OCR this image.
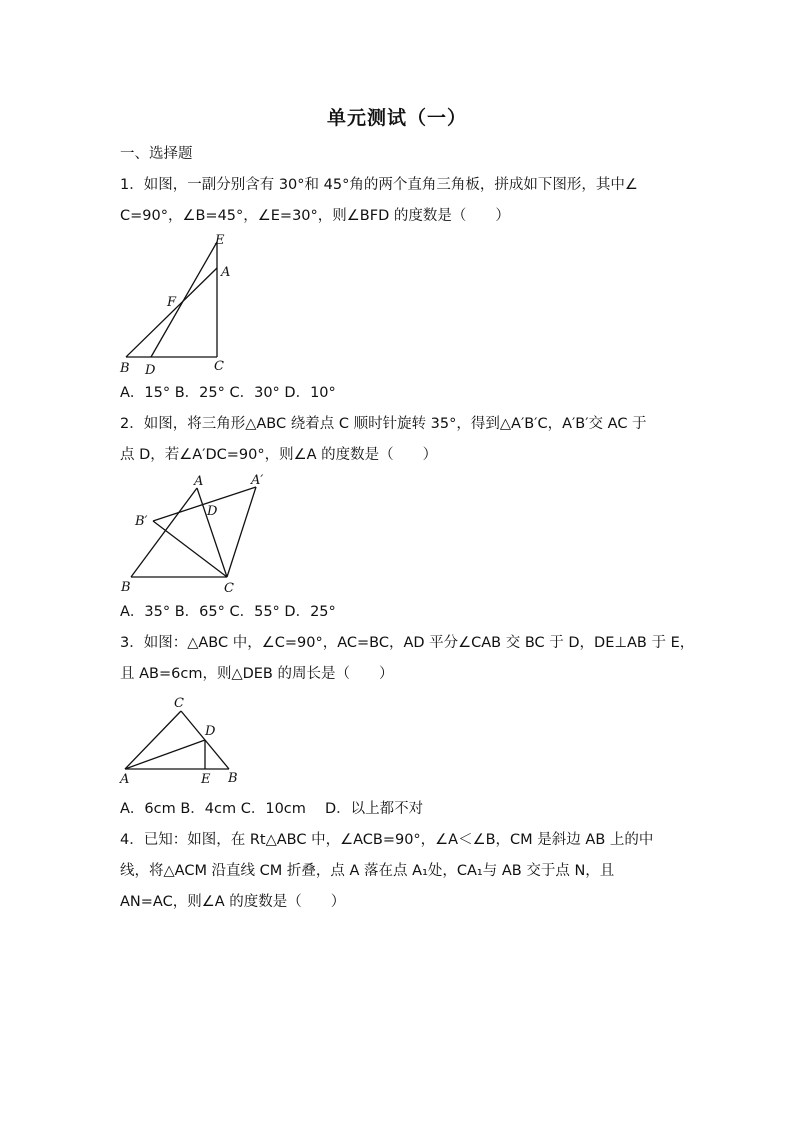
单元测试（一）
一、选择题
1．如图，一副分别含有 30°和 45°角的两个直角三角板，拼成如下图形，其中∠
C=90°，∠B=45°，∠E=30°，则∠BFD 的度数是（　　）
E
A
F
B D	C
A．15° B．25° C．30° D．10°
2．如图，将三角形△ABC 绕着点 C 顺时针旋转 35°，得到△A′B′C，A′B′交 AC 于
点 D，若∠A′DC=90°，则∠A 的度数是（　　）
A	A′
B′
D
B	C
A．35° B．65° C．55° D．25°
3．如图：△ABC 中，∠C=90°，AC=BC，AD 平分∠CAB 交 BC 于 D，DE⊥AB 于 E，
且 AB=6cm，则△DEB 的周长是（　　）
C
D
A	E B
A．6cm B．4cm C．10cm　 D．以上都不对
4．已知：如图，在 Rt△ABC 中，∠ACB=90°，∠A＜∠B，CM 是斜边 AB 上的中
线，将△ACM 沿直线 CM 折叠，点 A 落在点 A₁处，CA₁与 AB 交于点 N，且
AN=AC，则∠A 的度数是（　　）
